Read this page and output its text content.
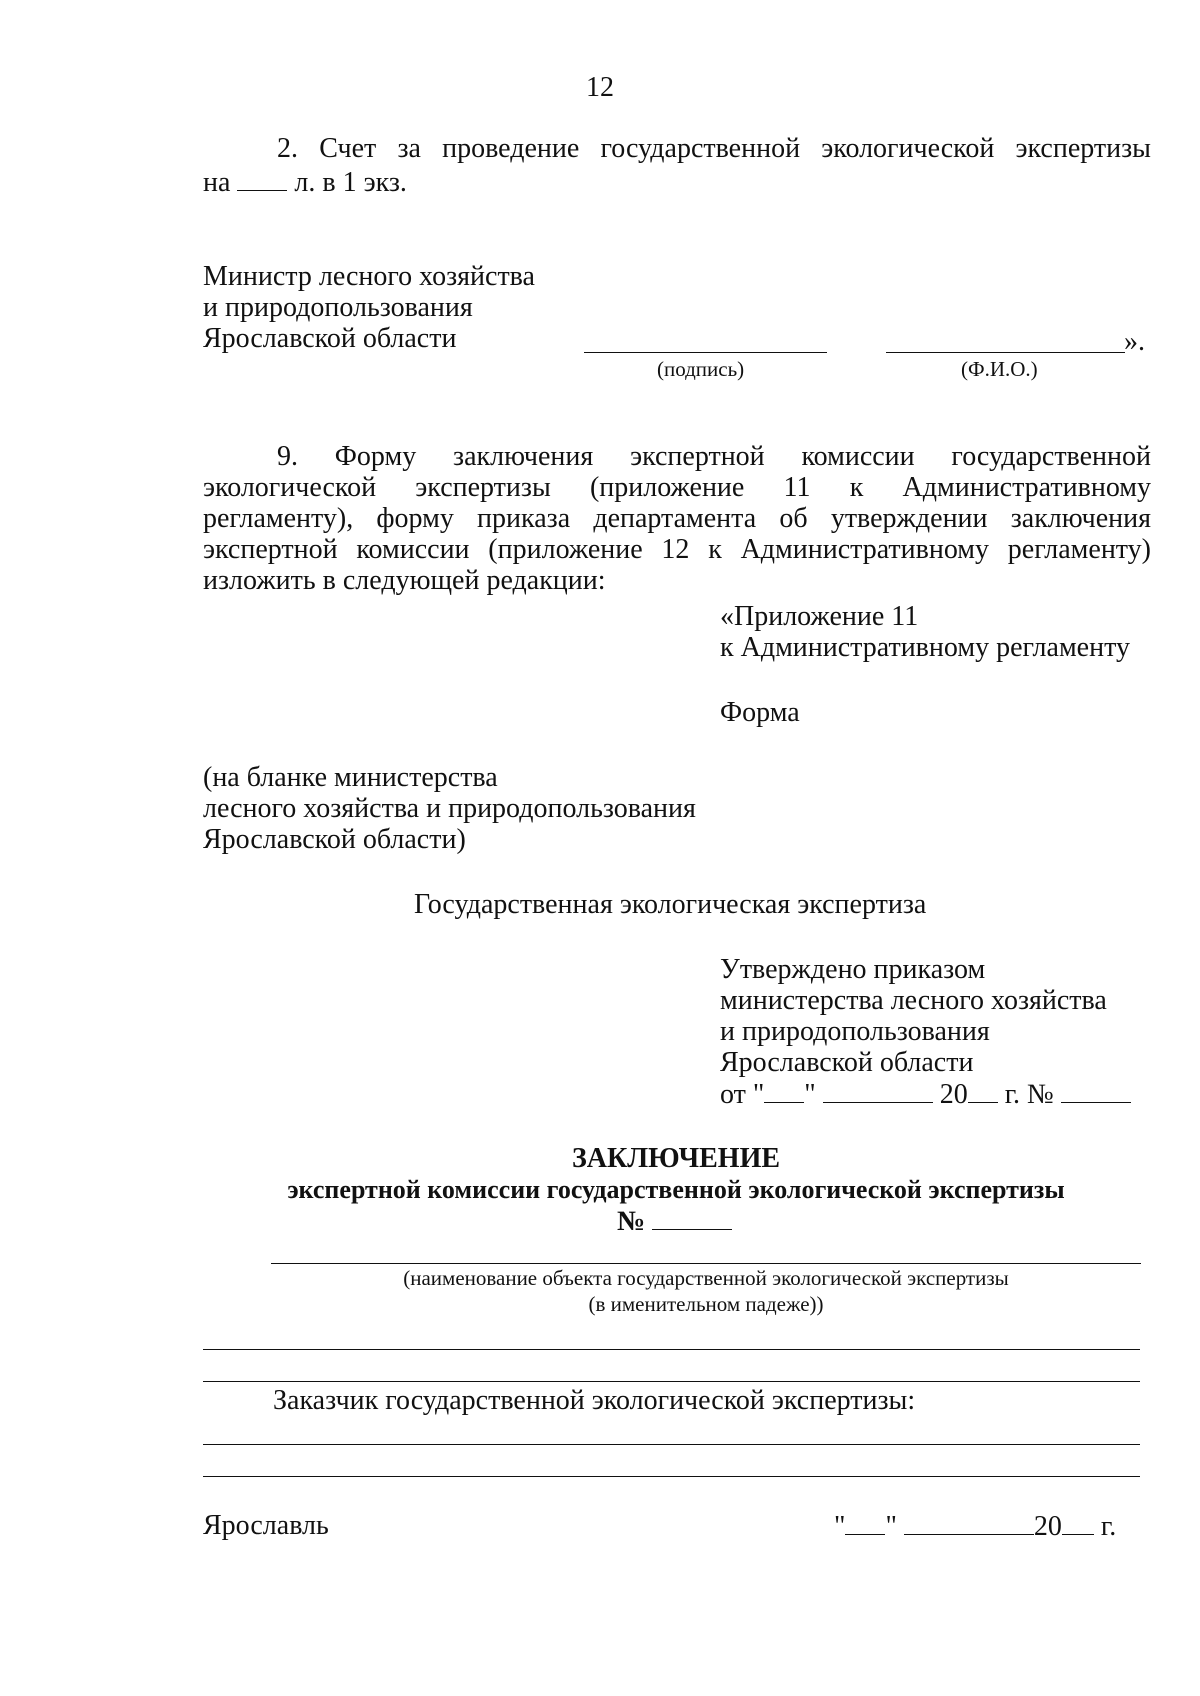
12
2. Счет за проведение государственной экологической экспертизы
на л. в 1 экз.
Министр лесного хозяйства
и природопользования
Ярославской области	».
(подпись)	(Ф.И.О.)
9. Форму заключения экспертной комиссии государственной
экологической экспертизы (приложение 11 к Административному
регламенту), форму приказа департамента об утверждении заключения
экспертной комиссии (приложение 12 к Административному регламенту)
изложить в следующей редакции:
«Приложение 11
к Административному регламенту
Форма
(на бланке министерства
лесного хозяйства и природопользования
Ярославской области)
Государственная экологическая экспертиза
Утверждено приказом
министерства лесного хозяйства
и природопользования
Ярославской области
от " "	20 г. №
ЗАКЛЮЧЕНИЕ
экспертной комиссии государственной экологической экспертизы
№
(наименование объекта государственной экологической экспертизы
(в именительном падеже))
Заказчик государственной экологической экспертизы:
Ярославль	" "	20 г.
